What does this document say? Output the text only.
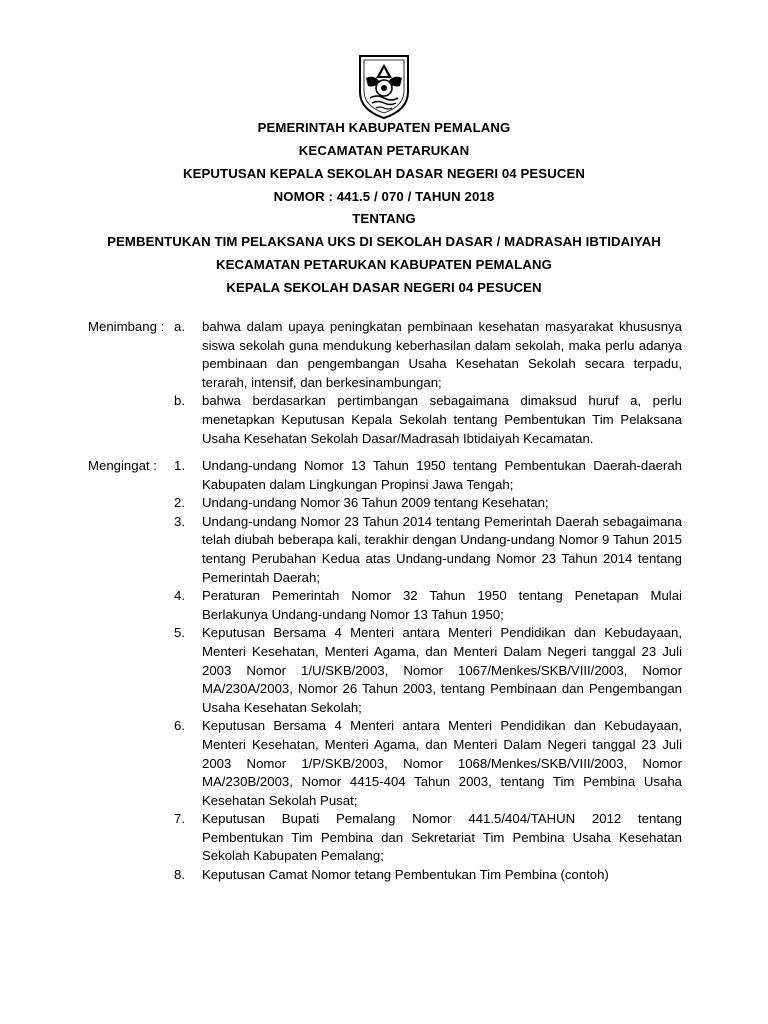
PEMERINTAH KABUPATEN PEMALANG
KECAMATAN PETARUKAN
KEPUTUSAN KEPALA SEKOLAH DASAR NEGERI 04 PESUCEN
NOMOR : 441.5 / 070 / TAHUN 2018
TENTANG
PEMBENTUKAN TIM PELAKSANA UKS DI SEKOLAH DASAR / MADRASAH IBTIDAIYAH
KECAMATAN PETARUKAN KABUPATEN PEMALANG
KEPALA SEKOLAH DASAR NEGERI 04 PESUCEN
Menimbang : a. bahwa dalam upaya peningkatan pembinaan kesehatan masyarakat khususnya siswa sekolah guna mendukung keberhasilan dalam sekolah, maka perlu adanya pembinaan dan pengembangan Usaha Kesehatan Sekolah secara terpadu, terarah, intensif, dan berkesinambungan;
b. bahwa berdasarkan pertimbangan sebagaimana dimaksud huruf a, perlu menetapkan Keputusan Kepala Sekolah tentang Pembentukan Tim Pelaksana Usaha Kesehatan Sekolah Dasar/Madrasah Ibtidaiyah Kecamatan.
Mengingat : 1. Undang-undang Nomor 13 Tahun 1950 tentang Pembentukan Daerah-daerah Kabupaten dalam Lingkungan Propinsi Jawa Tengah;
2. Undang-undang Nomor 36 Tahun 2009 tentang Kesehatan;
3. Undang-undang Nomor 23 Tahun 2014 tentang Pemerintah Daerah sebagaimana telah diubah beberapa kali, terakhir dengan Undang-undang Nomor 9 Tahun 2015 tentang Perubahan Kedua atas Undang-undang Nomor 23 Tahun 2014 tentang Pemerintah Daerah;
4. Peraturan Pemerintah Nomor 32 Tahun 1950 tentang Penetapan Mulai Berlakunya Undang-undang Nomor 13 Tahun 1950;
5. Keputusan Bersama 4 Menteri antara Menteri Pendidikan dan Kebudayaan, Menteri Kesehatan, Menteri Agama, dan Menteri Dalam Negeri tanggal 23 Juli 2003 Nomor 1/U/SKB/2003, Nomor 1067/Menkes/SKB/VIII/2003, Nomor MA/230A/2003, Nomor 26 Tahun 2003, tentang Pembinaan dan Pengembangan Usaha Kesehatan Sekolah;
6. Keputusan Bersama 4 Menteri antara Menteri Pendidikan dan Kebudayaan, Menteri Kesehatan, Menteri Agama, dan Menteri Dalam Negeri tanggal 23 Juli 2003 Nomor 1/P/SKB/2003, Nomor 1068/Menkes/SKB/VIII/2003, Nomor MA/230B/2003, Nomor 4415-404 Tahun 2003, tentang Tim Pembina Usaha Kesehatan Sekolah Pusat;
7. Keputusan Bupati Pemalang Nomor 441.5/404/TAHUN 2012 tentang Pembentukan Tim Pembina dan Sekretariat Tim Pembina Usaha Kesehatan Sekolah Kabupaten Pemalang;
8. Keputusan Camat Nomor tetang Pembentukan Tim Pembina (contoh)
